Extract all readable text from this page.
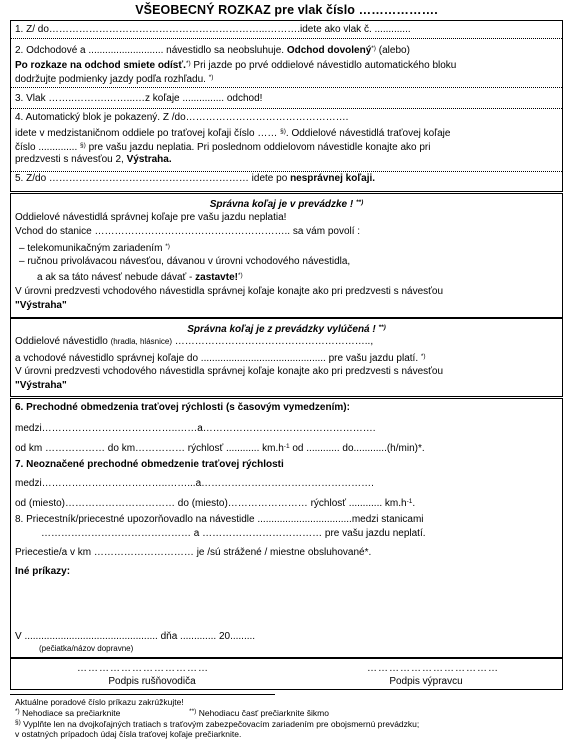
VŠEOBECNÝ ROZKAZ pre vlak číslo ……………….
1. Z/ do………………………………………………………...……….idete ako vlak č. .............
2. Odchodové a ........................... návestidlo sa neobsluhuje. Odchod dovolený*) (alebo)
Po rozkaze na odchod smiete odísť.*) Pri jazde po prvé oddielové návestidlo automatického bloku
dodržujte podmienky jazdy podľa rozhľadu. *)
3. Vlak ……..……….……...…z koľaje ............... odchod!
4. Automatický blok je pokazený. Z /do………………………………………….
idete v medzistaničnom oddiele po traťovej koľaji číslo …… §). Oddielové návestidlá traťovej koľaje
číslo .............. §) pre vašu jazdu neplatia. Pri poslednom oddielovom návestidle konajte ako pri
predzvesti s návesťou 2, Výstraha.
5. Z/do …………………………………………………… idete po nesprávnej koľaji.
Správna koľaj je v prevádzke ! **)
Oddielové návestidlá správnej koľaje pre vašu jazdu neplatia!
Vchod do stanice ………………………………………………….. sa vám povolí :
– telekomunikačným zariadením *)
– ručnou privolávacou návesťou, dávanou v úrovni vchodového návestidla,
a ak sa táto návesť nebude dávať - zastavte!*)
V úrovni predzvesti vchodového návestidla správnej koľaje konajte ako pri predzvesti s návesťou
"Výstraha"
Správna koľaj je z prevádzky vylúčená ! **)
Oddielové návestidlo (hradla, hlásnice) …………………………………………………..,
a vchodové návestidlo správnej koľaje do ............................................. pre vašu jazdu platí. *)
V úrovni predzvesti vchodového návestidla správnej koľaje konajte ako pri predzvesti s návesťou
"Výstraha"
6. Prechodné obmedzenia traťovej rýchlosti (s časovým vymedzením):
medzi…………………………………..……a…………………………………………….
od km ……………… do km…………… rýchlosť ............ $km.h^{-1}$ od ............ do............(h/min)*.
7. Neoznačené prechodné obmedzenie traťovej rýchlosti
medzi………………………………..……...a…………………………………………….
od (miesto)…………………………… do (miesto)…………………… rýchlosť ............ $km.h^{-1}$.
8. Priecestník/priecestné upozorňovadlo na návestidle ..................................medzi stanicami
……………………………………… a ……………………………… pre vašu jazdu neplatí.
Priecestie/a v km ………………………… je /sú strážené / miestne obsluhované*.
Iné príkazy:
V ................................................ dňa ............. 20.........
(pečiatka/názov dopravne)
………………………………	………………………………
Podpis rušňovodiča	Podpis výpravcu
Aktuálne poradové číslo príkazu zakrúžkujte!
*) Nehodiace sa prečiarknite	**) Nehodiacu časť prečiarknite šikmo
§) Vyplňte len na dvojkoľajných tratiach s traťovým zabezpečovacím zariadením pre obojsmernú prevádzku;
v ostatných prípadoch údaj čísla traťovej koľaje prečiarknite.
